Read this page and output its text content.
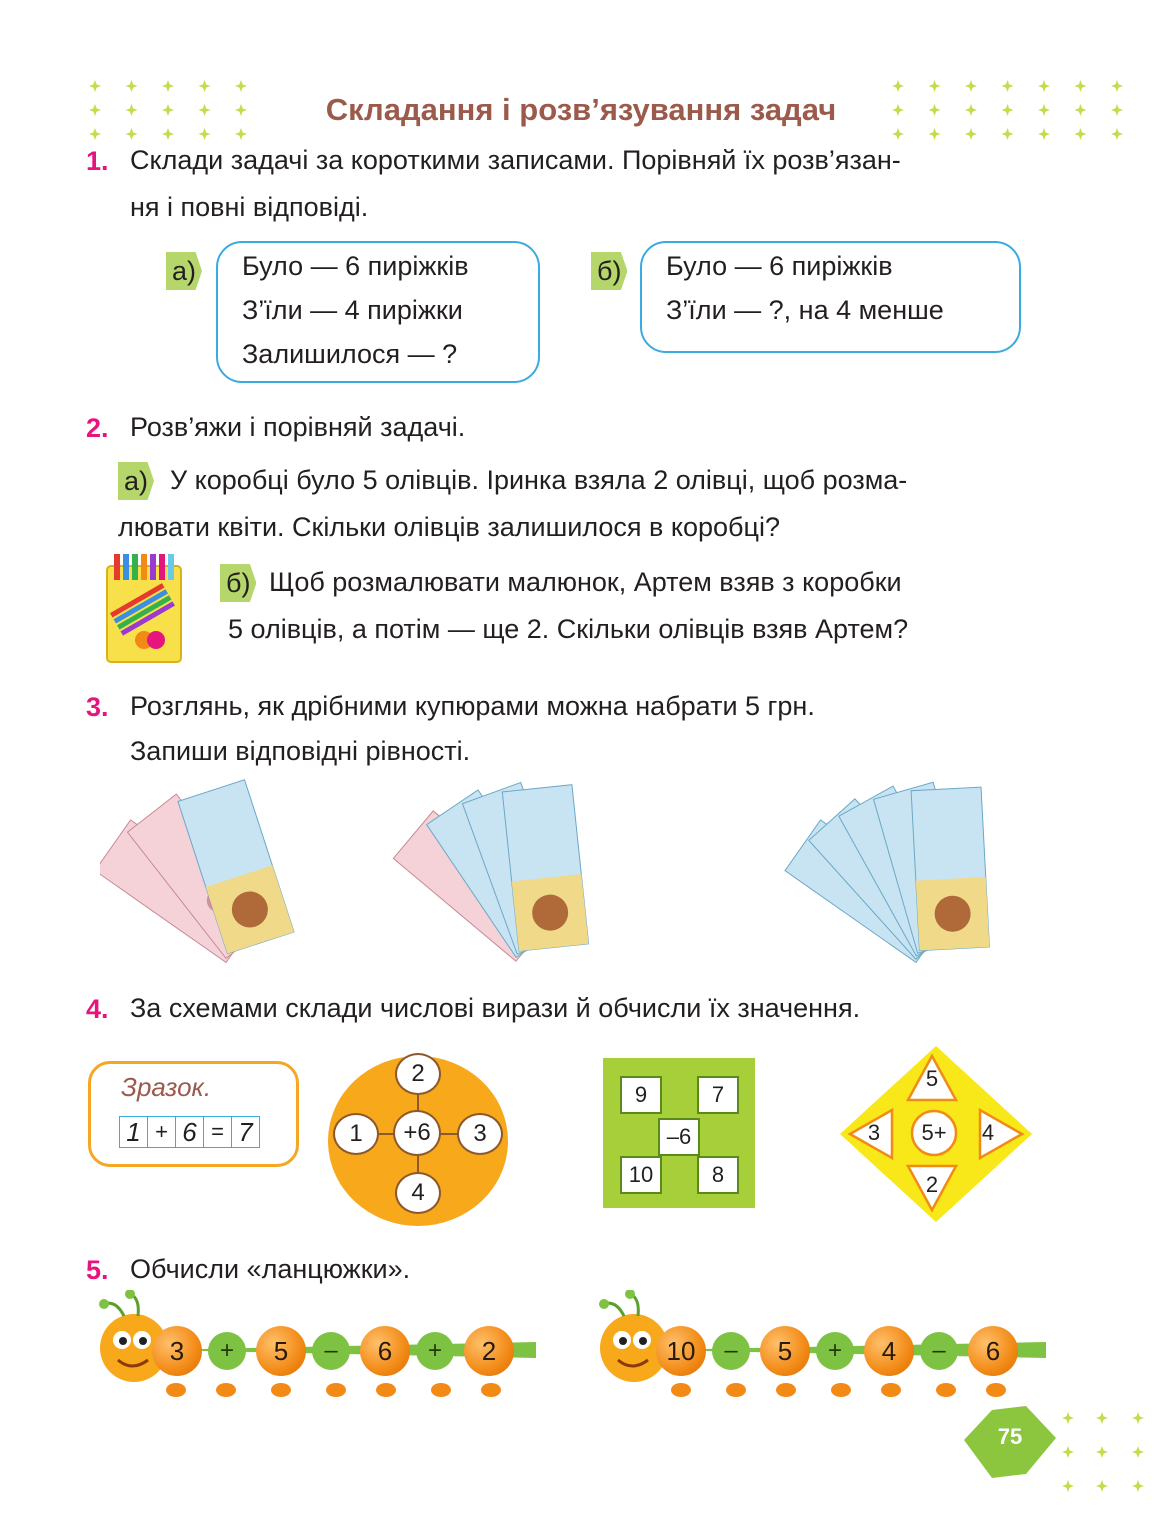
Складання і розв’язування задач
1. Склади задачі за короткими записами. Порівняй їх розв’язан-
ня і повні відповіді.
а) Було — 6 пиріжків
З’їли — 4 пиріжки
Залишилося — ?
б) Було — 6 пиріжків
З’їли — ?, на 4 менше
2. Розв’яжи і порівняй задачі.
а) У коробці було 5 олівців. Іринка взяла 2 олівці, щоб розма-
лювати квіти. Скільки олівців залишилося в коробці?
б) Щоб розмалювати малюнок, Артем взяв з коробки
5 олівців, а потім — ще 2. Скільки олівців взяв Артем?
3. Розглянь, як дрібними купюрами можна набрати 5 грн.
Запиши відповідні рівності.
4. За схемами склади числові вирази й обчисли їх значення.
Зразок.
1 + 6 = 7
2
1	+6	3
4
9	7
–6
10	8
5
3	5+	4
2
5. Обчисли «ланцюжки».
3	+	5	–	6	+	2	10	–	5	+	4	–	6
75
